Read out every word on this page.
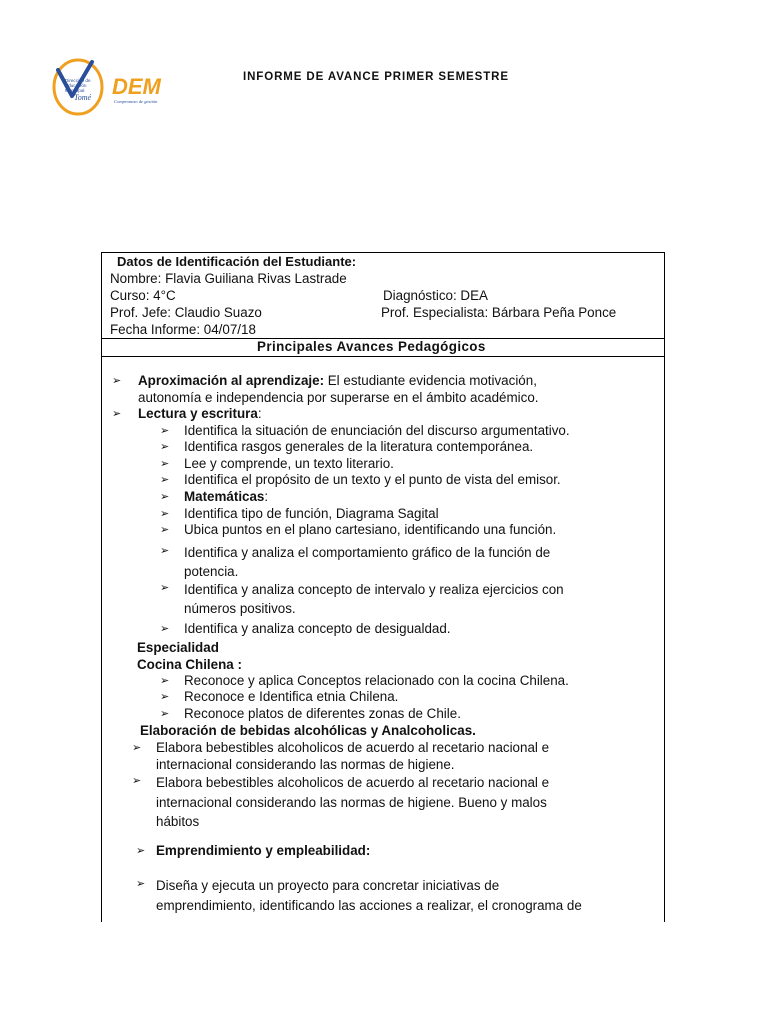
Dirección de
Educación
Municipal
Tomé DEM
Compromiso de gestión
INFORME DE AVANCE PRIMER SEMESTRE
Datos de Identificación del Estudiante:
Nombre: Flavia Guiliana Rivas Lastrade
Curso: 4°C	Diagnóstico: DEA
Prof. Jefe: Claudio Suazo	Prof. Especialista: Bárbara Peña Ponce
Fecha Informe: 04/07/18
Principales Avances Pedagógicos
➢ Aproximación al aprendizaje: El estudiante evidencia motivación,
autonomía e independencia por superarse en el ámbito académico.
➢ Lectura y escritura:
➢ Identifica la situación de enunciación del discurso argumentativo.
➢ Identifica rasgos generales de la literatura contemporánea.
➢ Lee y comprende, un texto literario.
➢ Identifica el propósito de un texto y el punto de vista del emisor.
➢ Matemáticas:
➢ Identifica tipo de función, Diagrama Sagital
➢ Ubica puntos en el plano cartesiano, identificando una función.
➢ Identifica y analiza el comportamiento gráfico de la función de
potencia.
➢ Identifica y analiza concepto de intervalo y realiza ejercicios con
números positivos.
➢ Identifica y analiza concepto de desigualdad.
Especialidad
Cocina Chilena :
➢ Reconoce y aplica Conceptos relacionado con la cocina Chilena.
➢ Reconoce e Identifica etnia Chilena.
➢ Reconoce platos de diferentes zonas de Chile.
Elaboración de bebidas alcohólicas y Analcoholicas.
➢ Elabora bebestibles alcoholicos de acuerdo al recetario nacional e
internacional considerando las normas de higiene.
➢ Elabora bebestibles alcoholicos de acuerdo al recetario nacional e
internacional considerando las normas de higiene. Bueno y malos
hábitos
➢ Emprendimiento y empleabilidad:
➢ Diseña y ejecuta un proyecto para concretar iniciativas de
emprendimiento, identificando las acciones a realizar, el cronograma de
